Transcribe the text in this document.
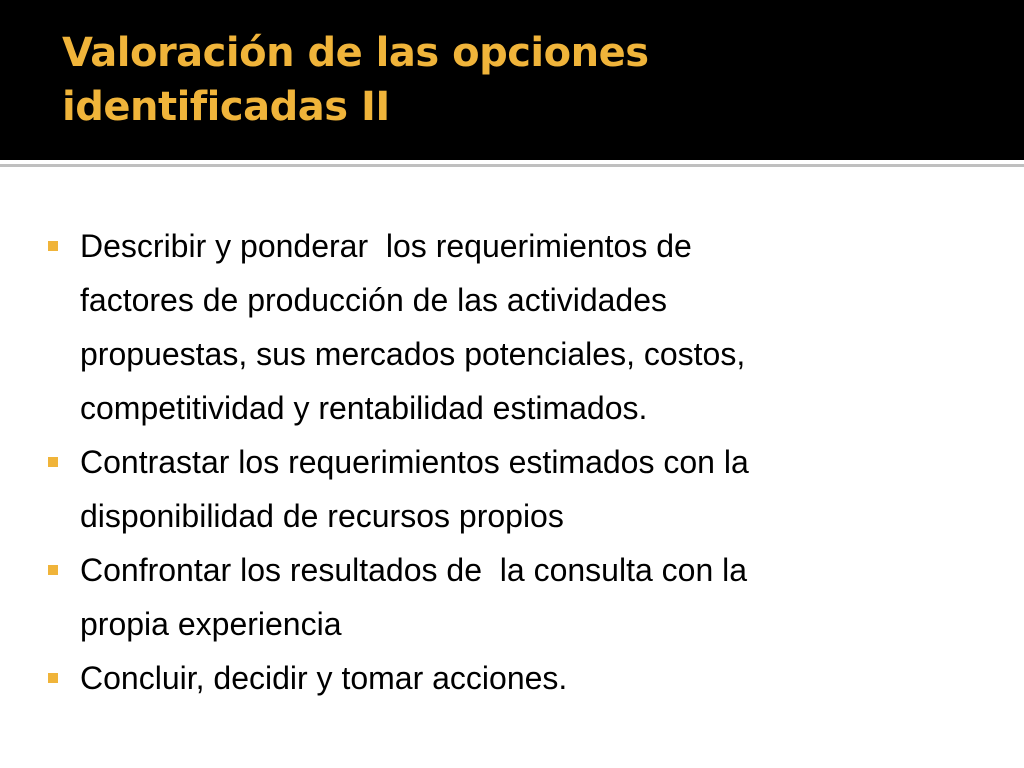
Valoración de las opciones
identificadas II
Describir y ponderar  los requerimientos de
factores de producción de las actividades
propuestas, sus mercados potenciales, costos,
competitividad y rentabilidad estimados.
Contrastar los requerimientos estimados con la
disponibilidad de recursos propios
Confrontar los resultados de  la consulta con la
propia experiencia
Concluir, decidir y tomar acciones.
